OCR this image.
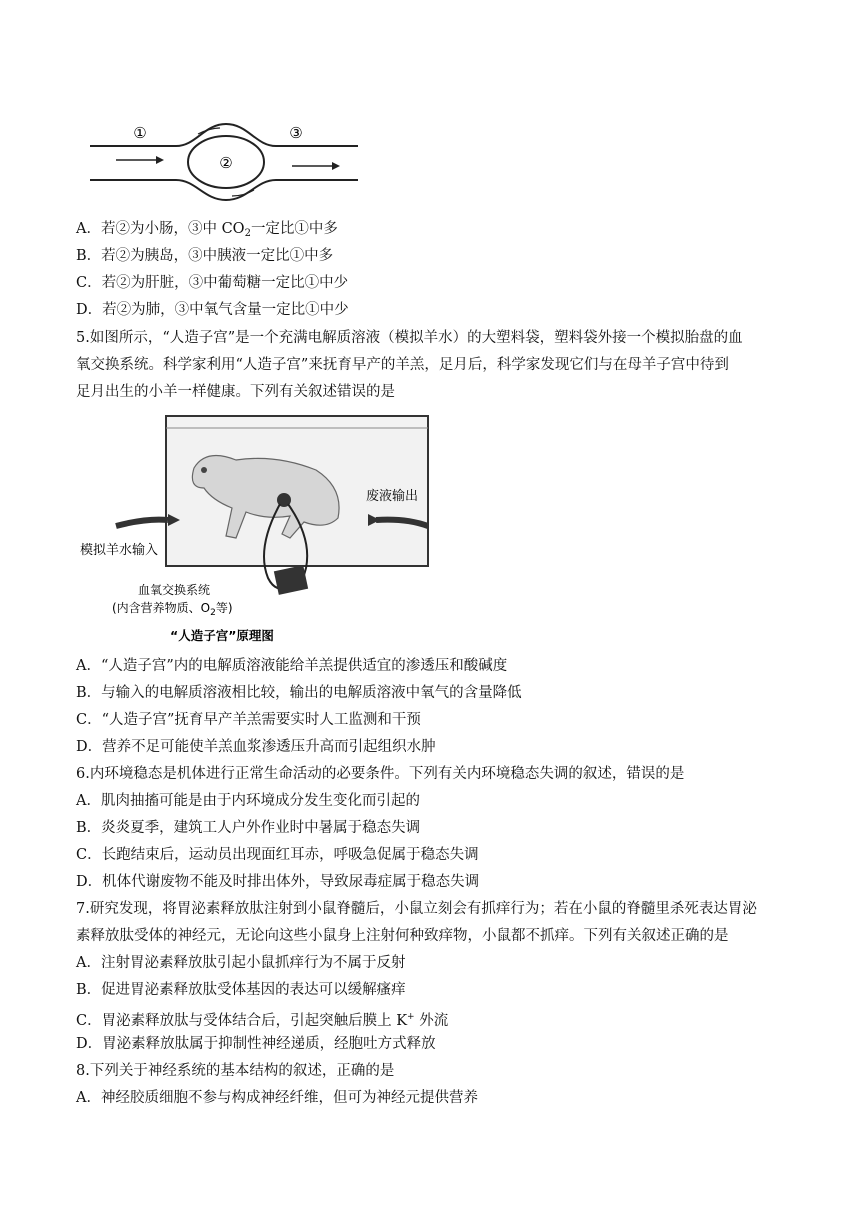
①
②
③
A．若②为小肠，③中 $CO_2$一定比①中多
B．若②为胰岛，③中胰液一定比①中多
C．若②为肝脏，③中葡萄糖一定比①中少
D．若②为肺，③中氧气含量一定比①中少
5.如图所示，“人造子宫”是一个充满电解质溶液（模拟羊水）的大塑料袋，塑料袋外接一个模拟胎盘的血
氧交换系统。科学家利用“人造子宫”来抚育早产的羊羔，足月后，科学家发现它们与在母羊子宫中待到
足月出生的小羊一样健康。下列有关叙述错误的是
废液输出
模拟羊水输入
血氧交换系统
(内含营养物质、$O_2$等)
“人造子宫”原理图
A．“人造子宫”内的电解质溶液能给羊羔提供适宜的渗透压和酸碱度
B．与输入的电解质溶液相比较，输出的电解质溶液中氧气的含量降低
C．“人造子宫”抚育早产羊羔需要实时人工监测和干预
D．营养不足可能使羊羔血浆渗透压升高而引起组织水肿
6.内环境稳态是机体进行正常生命活动的必要条件。下列有关内环境稳态失调的叙述，错误的是
A．肌肉抽搐可能是由于内环境成分发生变化而引起的
B．炎炎夏季，建筑工人户外作业时中暑属于稳态失调
C．长跑结束后，运动员出现面红耳赤，呼吸急促属于稳态失调
D．机体代谢废物不能及时排出体外，导致尿毒症属于稳态失调
7.研究发现，将胃泌素释放肽注射到小鼠脊髓后，小鼠立刻会有抓痒行为；若在小鼠的脊髓里杀死表达胃泌
素释放肽受体的神经元，无论向这些小鼠身上注射何种致痒物，小鼠都不抓痒。下列有关叙述正确的是
A．注射胃泌素释放肽引起小鼠抓痒行为不属于反射
B．促进胃泌素释放肽受体基因的表达可以缓解瘙痒
C．胃泌素释放肽与受体结合后，引起突触后膜上 K+ 外流
D．胃泌素释放肽属于抑制性神经递质，经胞吐方式释放
8.下列关于神经系统的基本结构的叙述，正确的是
A．神经胶质细胞不参与构成神经纤维，但可为神经元提供营养
